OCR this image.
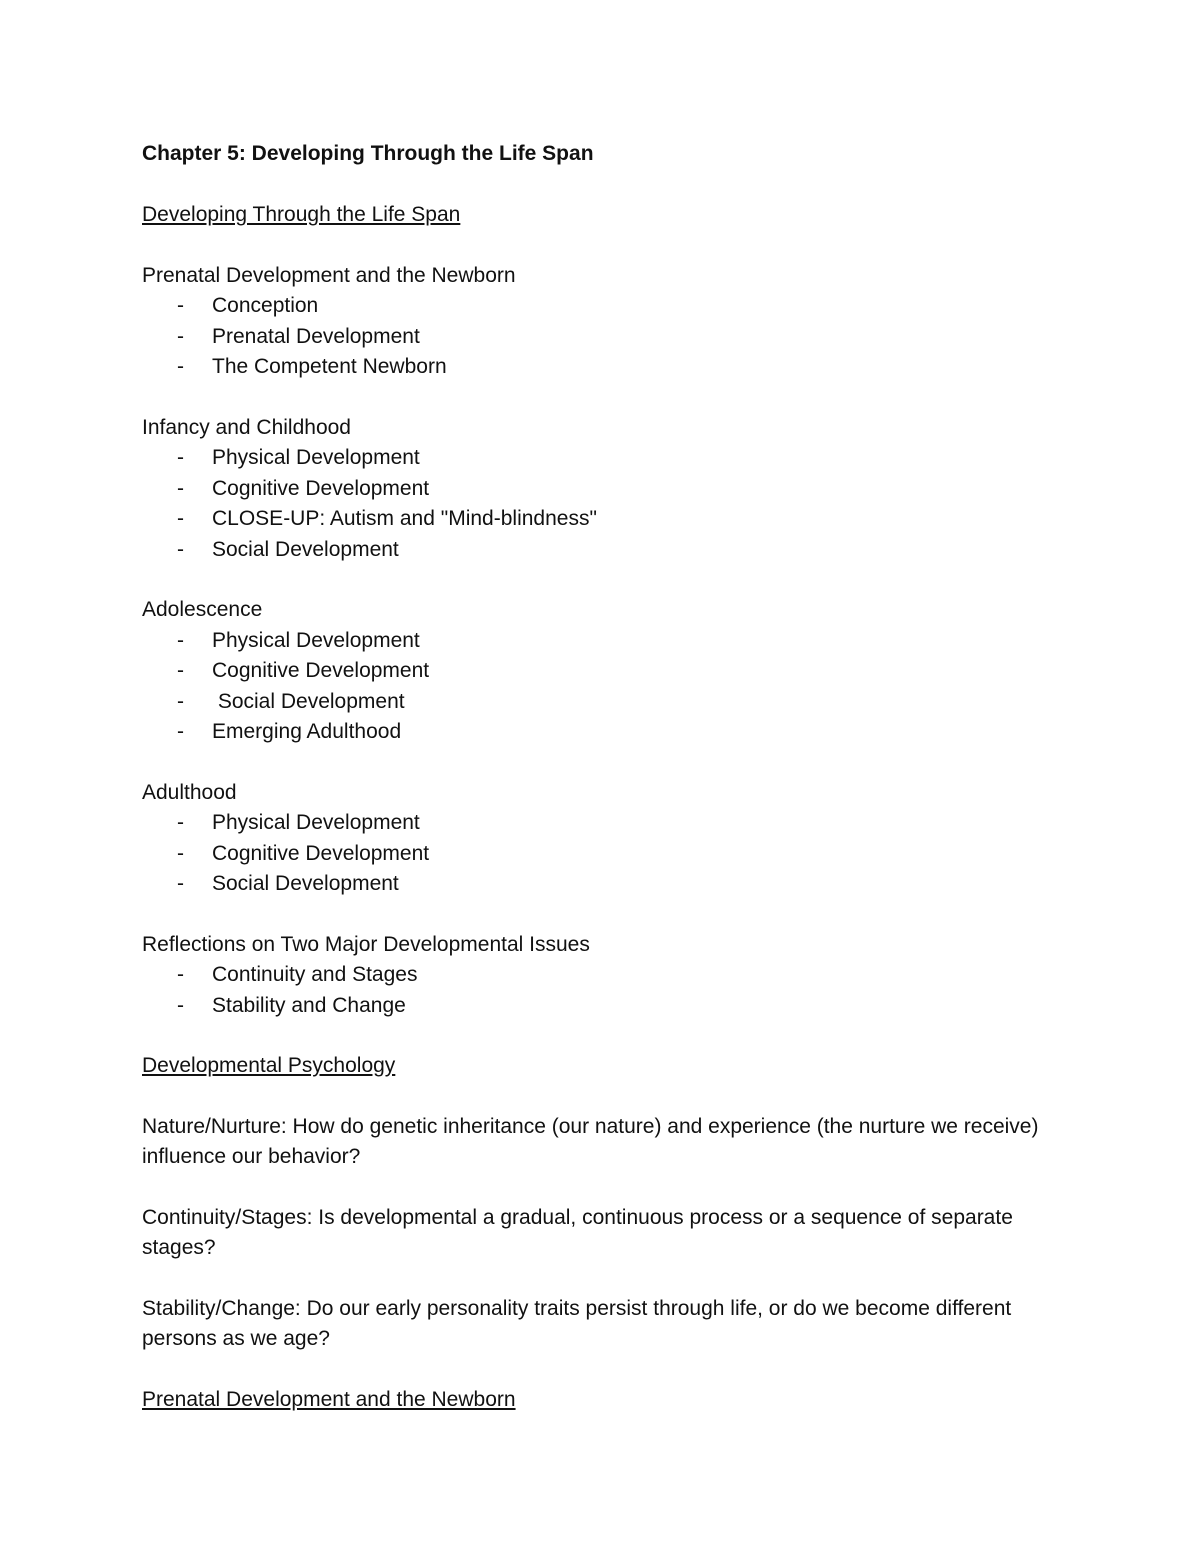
Chapter 5: Developing Through the Life Span
Developing Through the Life Span
Prenatal Development and the Newborn
- Conception
- Prenatal Development
- The Competent Newborn
Infancy and Childhood
- Physical Development
- Cognitive Development
- CLOSE-UP: Autism and "Mind-blindness"
- Social Development
Adolescence
- Physical Development
- Cognitive Development
- Social Development
- Emerging Adulthood
Adulthood
- Physical Development
- Cognitive Development
- Social Development
Reflections on Two Major Developmental Issues
- Continuity and Stages
- Stability and Change
Developmental Psychology
Nature/Nurture: How do genetic inheritance (our nature) and experience (the nurture we receive) influence our behavior?
Continuity/Stages: Is developmental a gradual, continuous process or a sequence of separate stages?
Stability/Change: Do our early personality traits persist through life, or do we become different persons as we age?
Prenatal Development and the Newborn
